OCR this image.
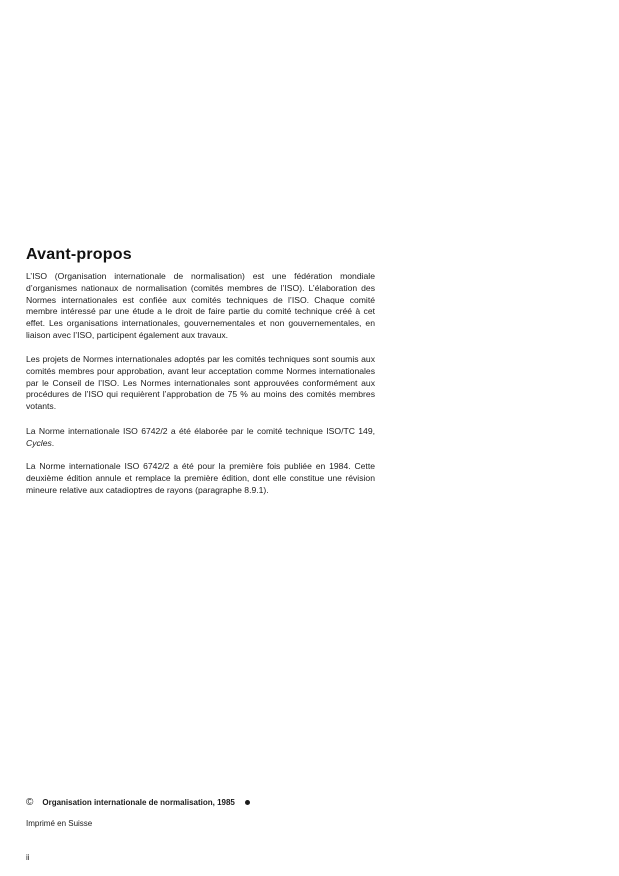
Avant-propos

L’ISO (Organisation internationale de normalisation) est une fédération mondiale d’organismes nationaux de normalisation (comités membres de l’ISO). L’élaboration des Normes internationales est confiée aux comités techniques de l’ISO. Chaque comité membre intéressé par une étude a le droit de faire partie du comité technique créé à cet effet. Les organisations internationales, gouvernementales et non gouvernementales, en liaison avec l’ISO, participent également aux travaux.

Les projets de Normes internationales adoptés par les comités techniques sont soumis aux comités membres pour approbation, avant leur acceptation comme Normes internationales par le Conseil de l’ISO. Les Normes internationales sont approuvées conformément aux procédures de l’ISO qui requièrent l’approbation de 75 % au moins des comités membres votants.

La Norme internationale ISO 6742/2 a été élaborée par le comité technique ISO/TC 149, Cycles.

La Norme internationale ISO 6742/2 a été pour la première fois publiée en 1984. Cette deuxième édition annule et remplace la première édition, dont elle constitue une révision mineure relative aux catadioptres de rayons (paragraphe 8.9.1).

© Organisation internationale de normalisation, 1985
Imprimé en Suisse
ii
